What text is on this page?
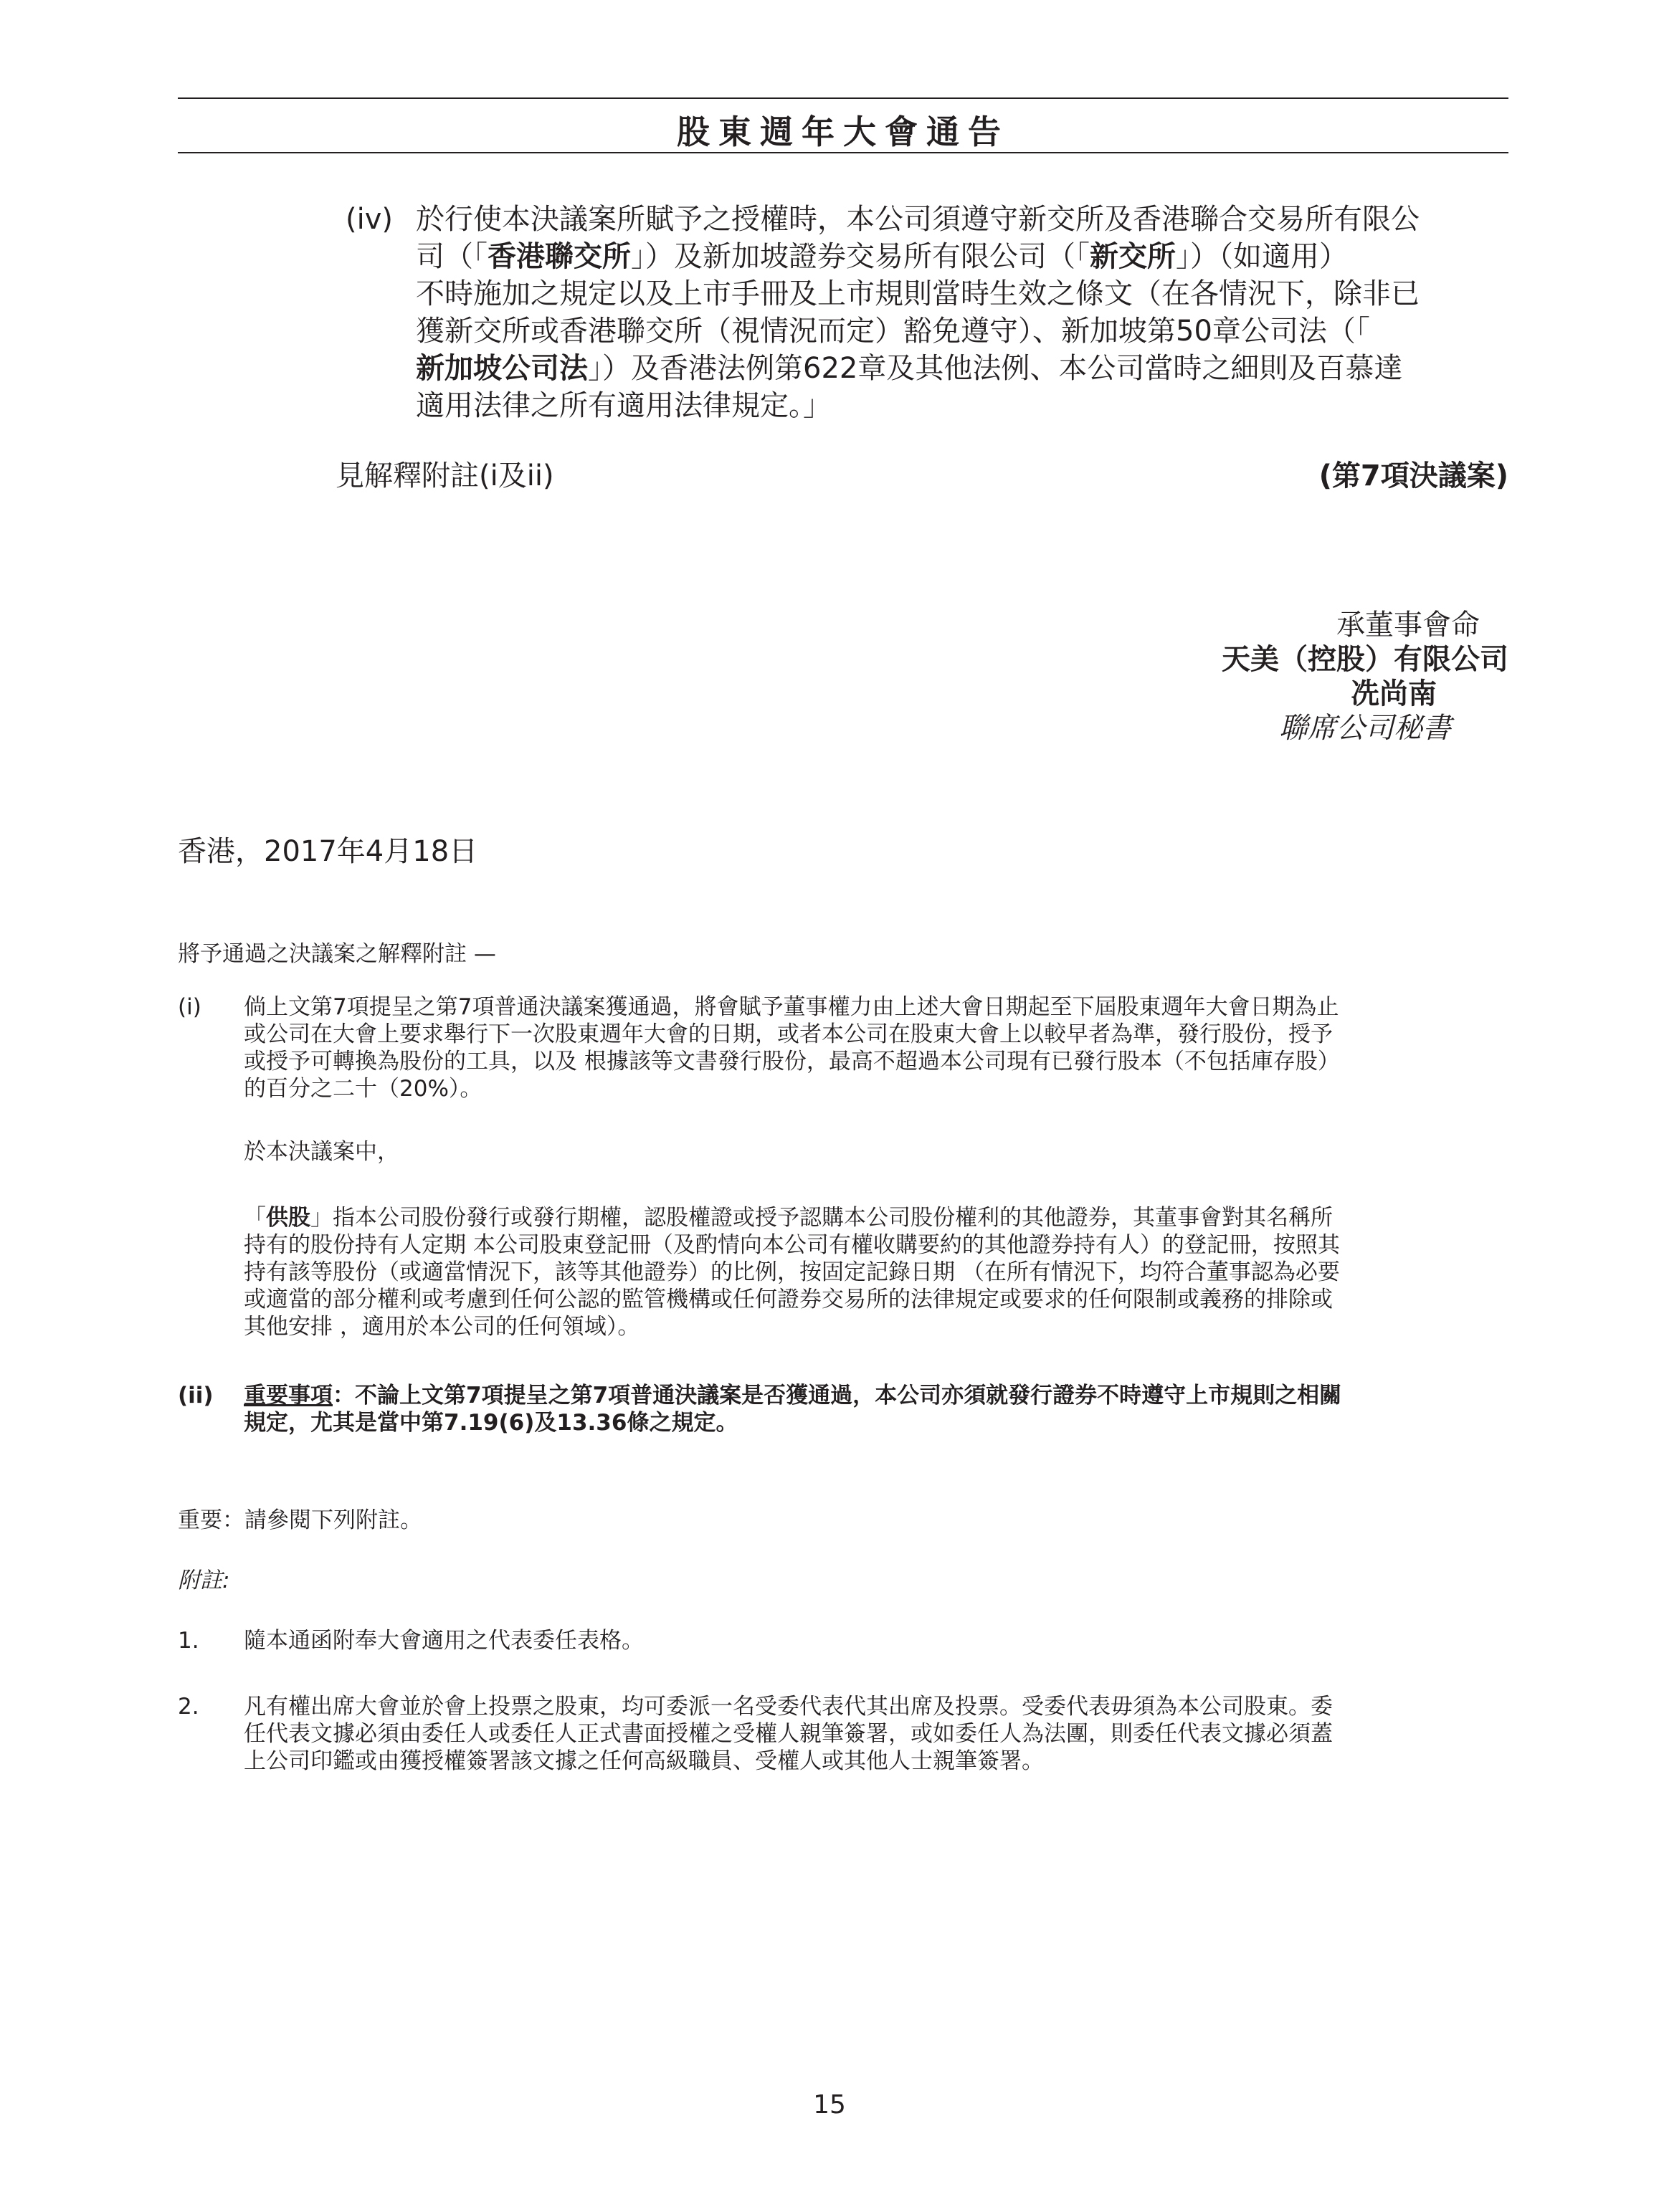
股東週年大會通告
(iv) 於行使本決議案所賦予之授權時，本公司須遵守新交所及香港聯合交易所有限公
司（「香港聯交所」）及新加坡證券交易所有限公司（「新交所」）（如適用）
不時施加之規定以及上市手冊及上市規則當時生效之條文（在各情況下，除非已
獲新交所或香港聯交所（視情況而定）豁免遵守）、新加坡第50章公司法（「
新加坡公司法」）及香港法例第622章及其他法例、本公司當時之細則及百慕達
適用法律之所有適用法律規定。」
見解釋附註(i及ii)	(第7項決議案)
承董事會命
天美（控股）有限公司
冼尚南
聯席公司秘書
香港，2017年4月18日
將予通過之決議案之解釋附註 —
(i) 倘上文第7項提呈之第7項普通決議案獲通過，將會賦予董事權力由上述大會日期起至下屆股東週年大會日期為止
或公司在大會上要求舉行下一次股東週年大會的日期，或者本公司在股東大會上以較早者為準，發行股份，授予
或授予可轉換為股份的工具，以及 根據該等文書發行股份，最高不超過本公司現有已發行股本（不包括庫存股）
的百分之二十（20%）。
於本決議案中，
「供股」指本公司股份發行或發行期權，認股權證或授予認購本公司股份權利的其他證券，其董事會對其名稱所
持有的股份持有人定期 本公司股東登記冊（及酌情向本公司有權收購要約的其他證券持有人）的登記冊，按照其
持有該等股份（或適當情況下，該等其他證券）的比例，按固定記錄日期 （在所有情況下，均符合董事認為必要
或適當的部分權利或考慮到任何公認的監管機構或任何證券交易所的法律規定或要求的任何限制或義務的排除或
其他安排 ，適用於本公司的任何領域）。
(ii) 重要事項：不論上文第7項提呈之第7項普通決議案是否獲通過，本公司亦須就發行證券不時遵守上市規則之相關
規定，尤其是當中第7.19(6)及13.36條之規定。
重要：請參閱下列附註。
附註:
1. 隨本通函附奉大會適用之代表委任表格。
2. 凡有權出席大會並於會上投票之股東，均可委派一名受委代表代其出席及投票。受委代表毋須為本公司股東。委
任代表文據必須由委任人或委任人正式書面授權之受權人親筆簽署，或如委任人為法團，則委任代表文據必須蓋
上公司印鑑或由獲授權簽署該文據之任何高級職員、受權人或其他人士親筆簽署。
15
